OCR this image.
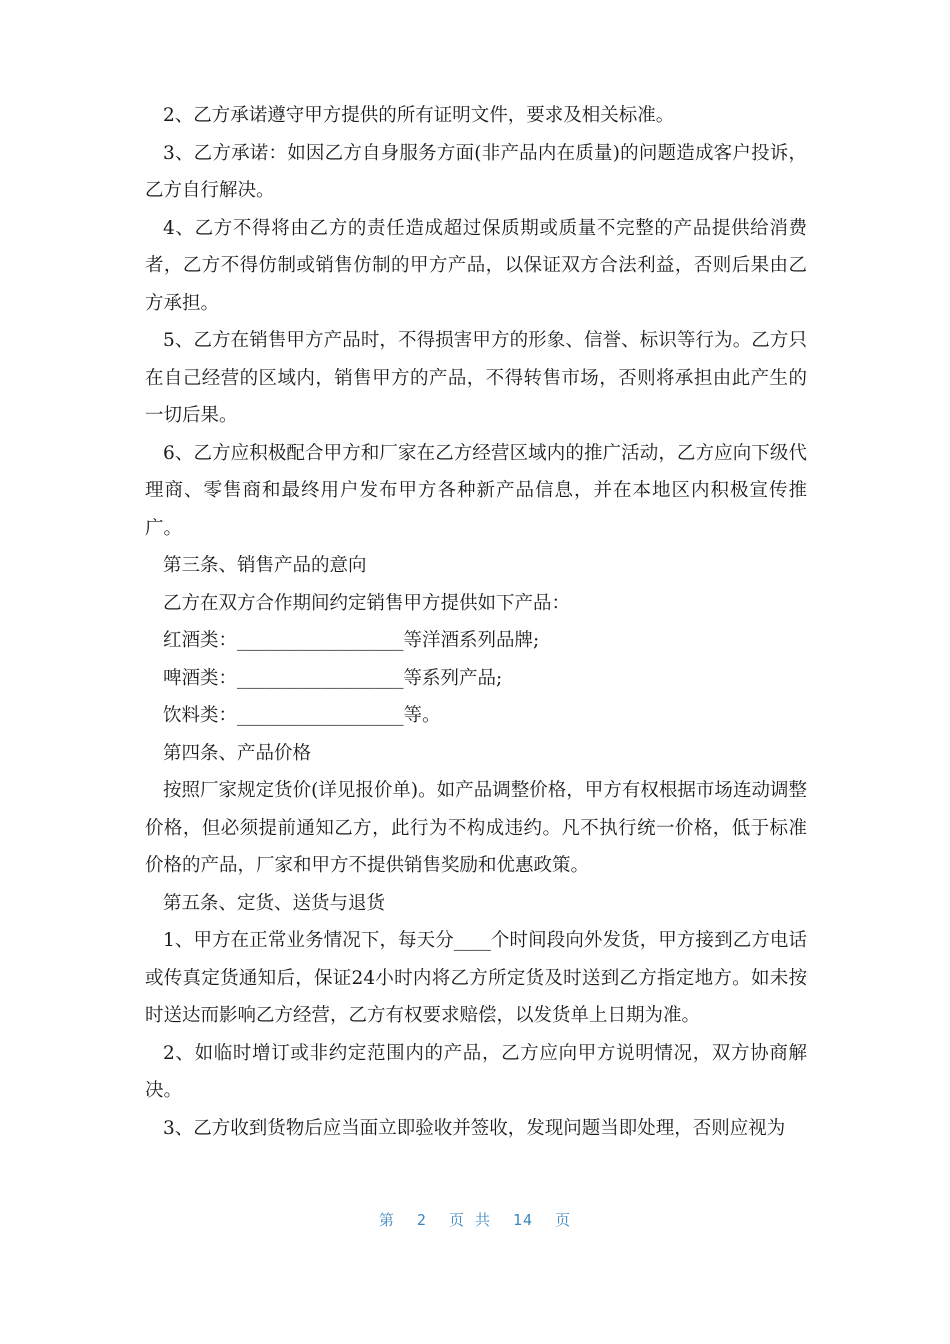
2、乙方承诺遵守甲方提供的所有证明文件，要求及相关标准。

3、乙方承诺：如因乙方自身服务方面(非产品内在质量)的问题造成客户投诉，乙方自行解决。

4、乙方不得将由乙方的责任造成超过保质期或质量不完整的产品提供给消费者，乙方不得仿制或销售仿制的甲方产品，以保证双方合法利益，否则后果由乙方承担。

5、乙方在销售甲方产品时，不得损害甲方的形象、信誉、标识等行为。乙方只在自己经营的区域内，销售甲方的产品，不得转售市场，否则将承担由此产生的一切后果。

6、乙方应积极配合甲方和厂家在乙方经营区域内的推广活动，乙方应向下级代理商、零售商和最终用户发布甲方各种新产品信息，并在本地区内积极宣传推广。

第三条、销售产品的意向

乙方在双方合作期间约定销售甲方提供如下产品：

红酒类：__________________等洋酒系列品牌;

啤酒类：__________________等系列产品;

饮料类：__________________等。

第四条、产品价格

按照厂家规定货价(详见报价单)。如产品调整价格，甲方有权根据市场连动调整价格，但必须提前通知乙方，此行为不构成违约。凡不执行统一价格，低于标准价格的产品，厂家和甲方不提供销售奖励和优惠政策。

第五条、定货、送货与退货

1、甲方在正常业务情况下，每天分____个时间段向外发货，甲方接到乙方电话或传真定货通知后，保证24小时内将乙方所定货及时送到乙方指定地方。如未按时送达而影响乙方经营，乙方有权要求赔偿，以发货单上日期为准。

2、如临时增订或非约定范围内的产品，乙方应向甲方说明情况，双方协商解决。

3、乙方收到货物后应当面立即验收并签收，发现问题当即处理，否则应视为

第 2 页 共 14 页
